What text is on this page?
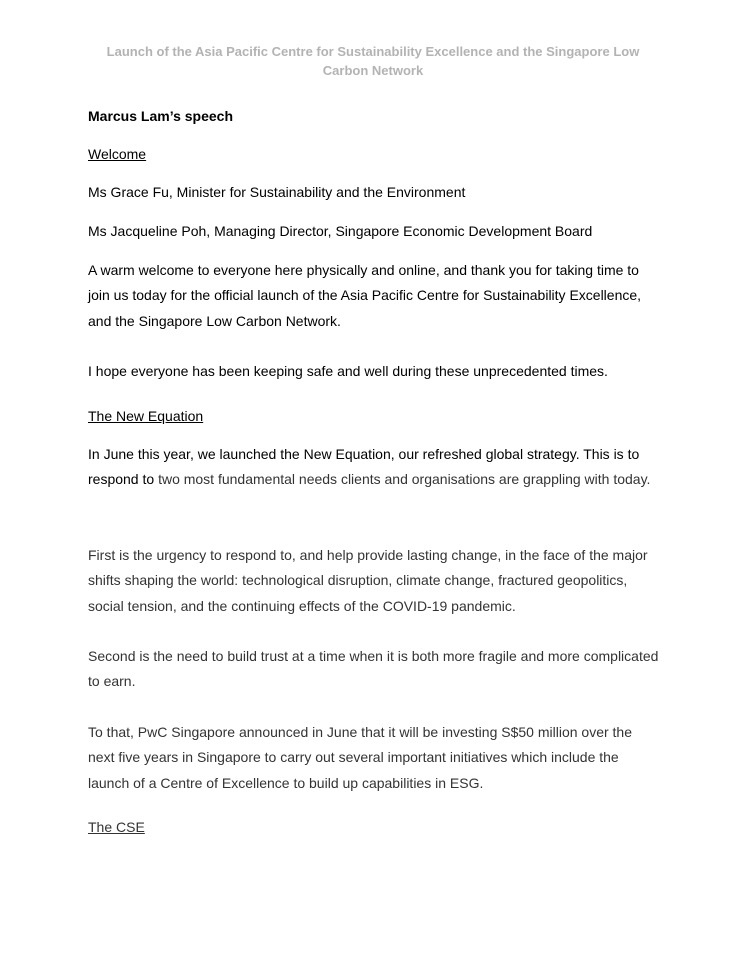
Launch of the Asia Pacific Centre for Sustainability Excellence and the Singapore Low Carbon Network

Marcus Lam’s speech

Welcome

Ms Grace Fu, Minister for Sustainability and the Environment

Ms Jacqueline Poh, Managing Director, Singapore Economic Development Board

A warm welcome to everyone here physically and online, and thank you for taking time to join us today for the official launch of the Asia Pacific Centre for Sustainability Excellence, and the Singapore Low Carbon Network.

I hope everyone has been keeping safe and well during these unprecedented times.

The New Equation

In June this year, we launched the New Equation, our refreshed global strategy. This is to respond to two most fundamental needs clients and organisations are grappling with today.

First is the urgency to respond to, and help provide lasting change, in the face of the major shifts shaping the world: technological disruption, climate change, fractured geopolitics, social tension, and the continuing effects of the COVID-19 pandemic.

Second is the need to build trust at a time when it is both more fragile and more complicated to earn.

To that, PwC Singapore announced in June that it will be investing S$50 million over the next five years in Singapore to carry out several important initiatives which include the launch of a Centre of Excellence to build up capabilities in ESG.

The CSE
